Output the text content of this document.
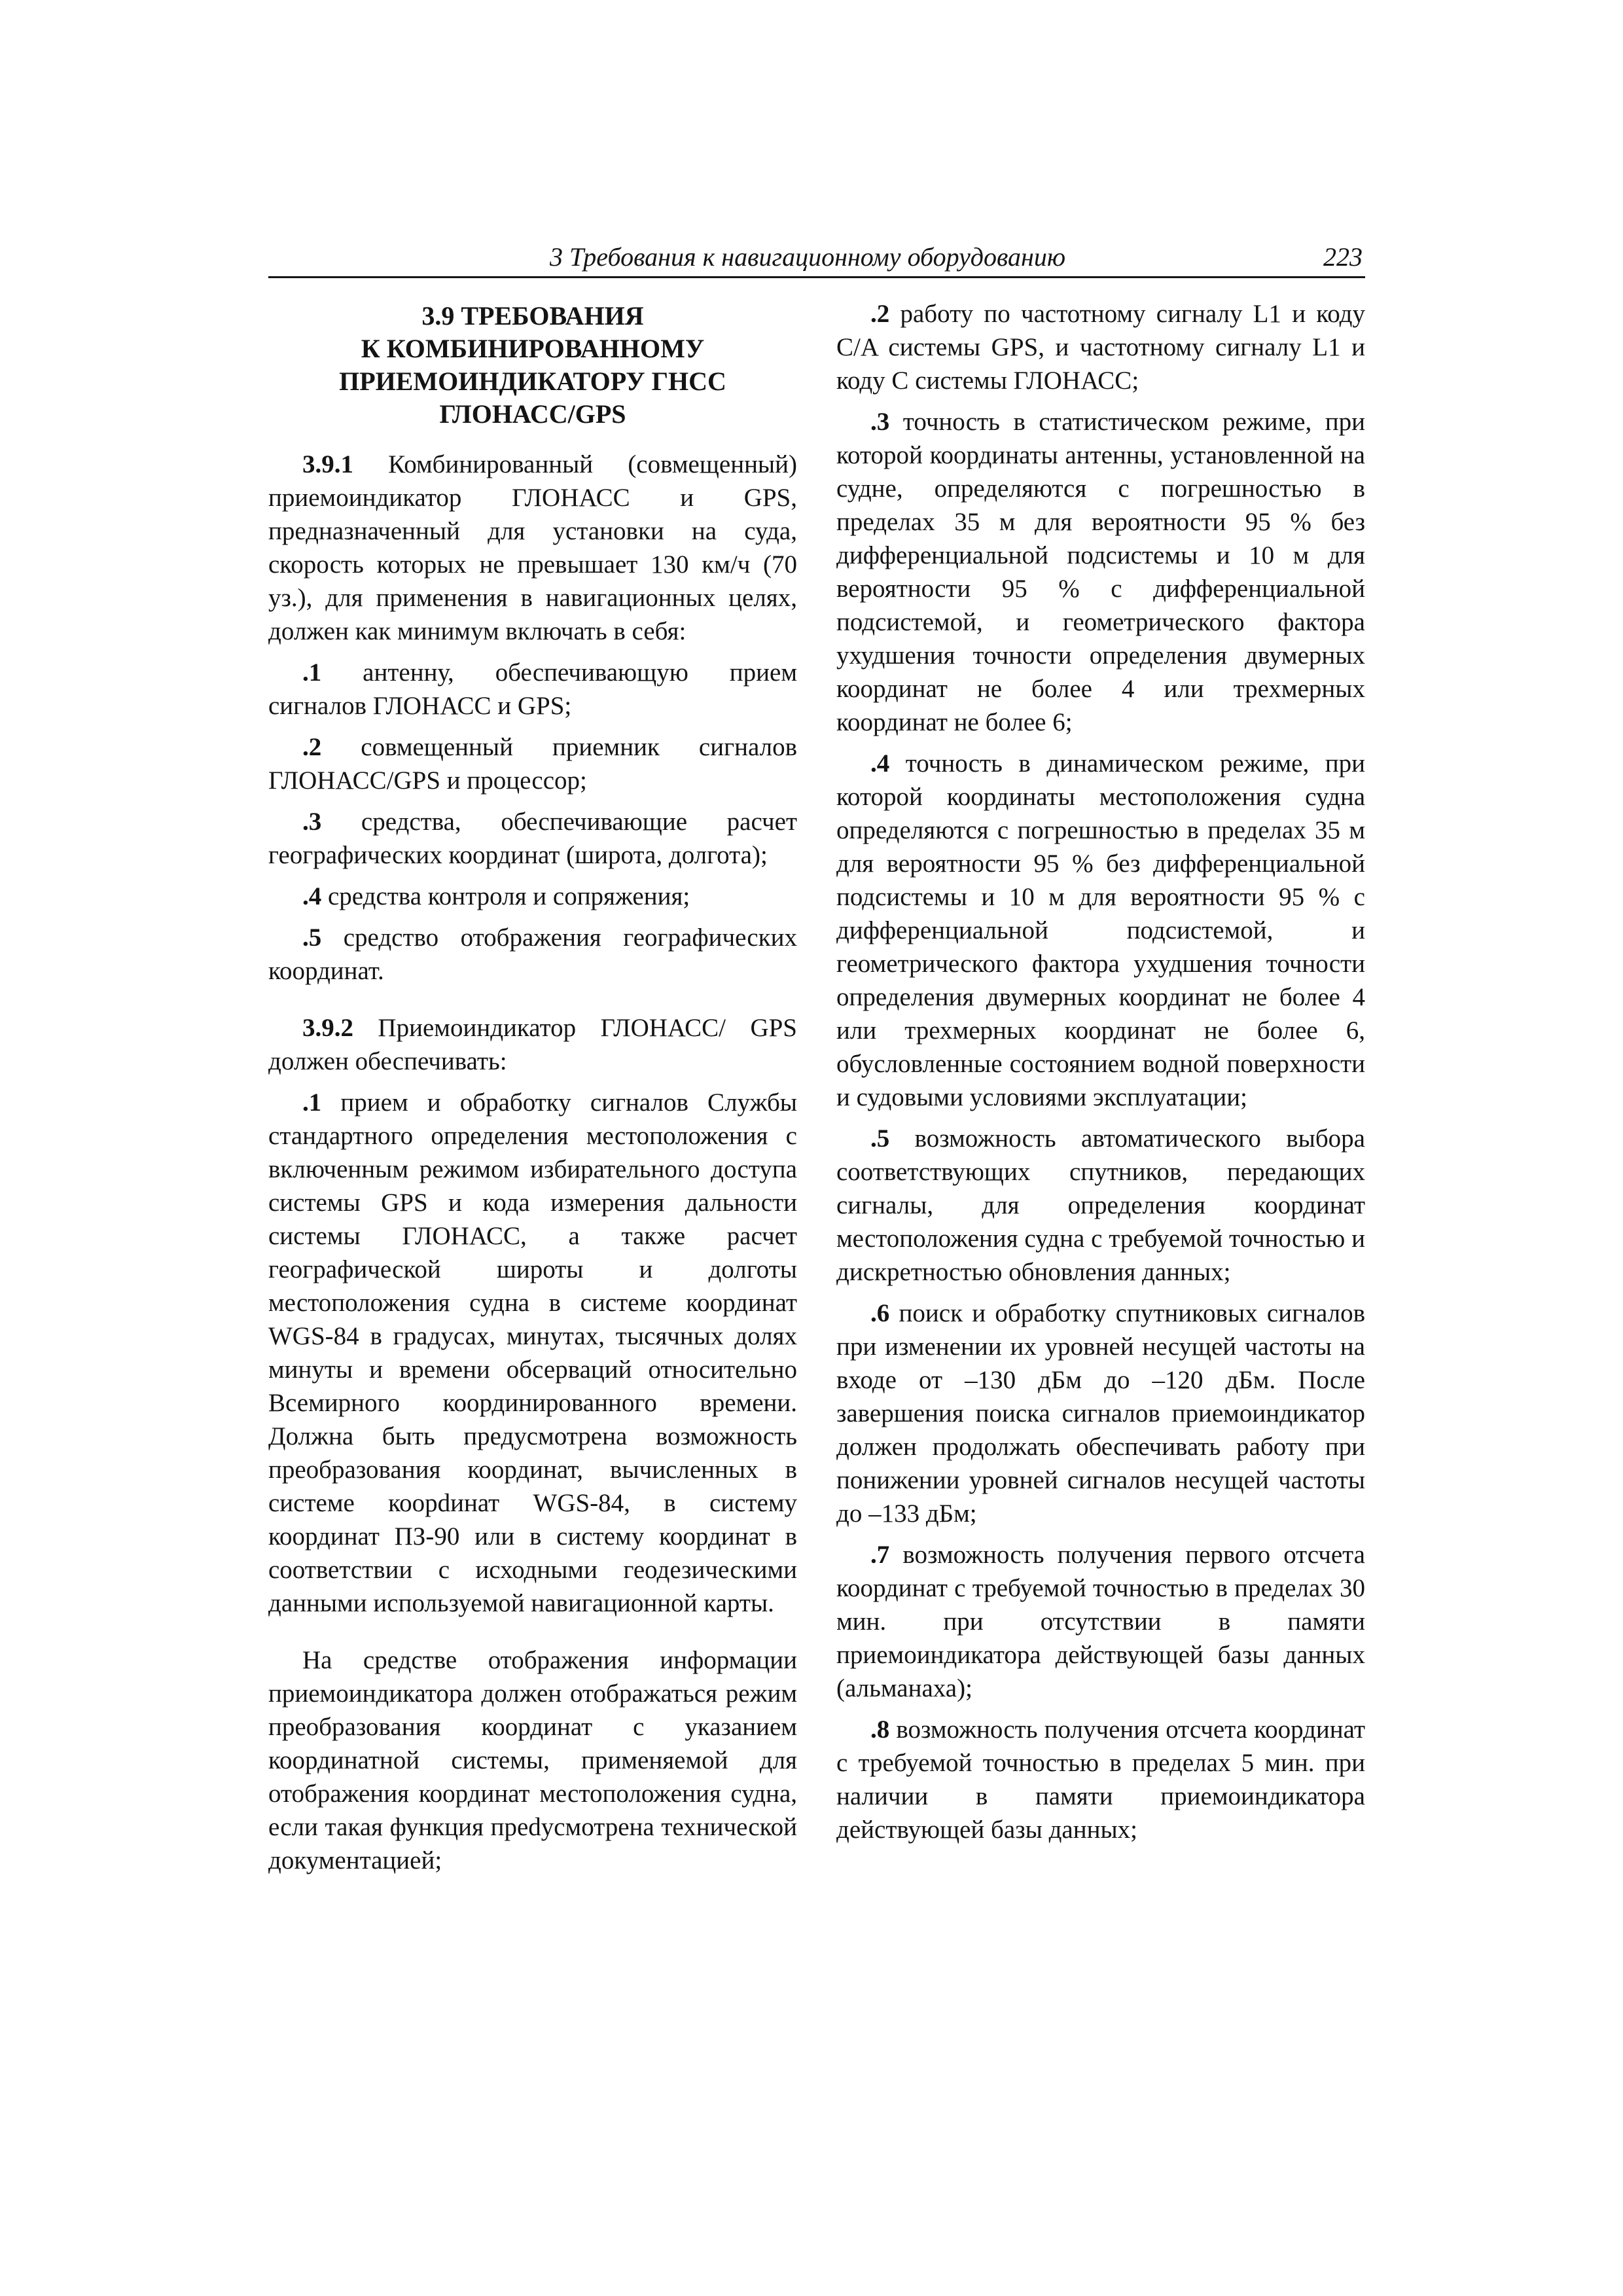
3 Требования к навигационному оборудованию	223
3.9 ТРЕБОВАНИЯ
К КОМБИНИРОВАННОМУ
ПРИЕМОИНДИКАТОРУ ГНСС
ГЛОНАСС/GPS

3.9.1 Комбинированный (совмещенный) приемоиндикатор ГЛОНАСС и GPS, предназначенный для установки на суда, скорость которых не превышает 130 км/ч (70 уз.), для применения в навигационных целях, должен как минимум включать в себя:

.1 антенну, обеспечивающую прием сигналов ГЛОНАСС и GPS;

.2 совмещенный приемник сигналов ГЛОНАСС/GPS и процессор;

.3 средства, обеспечивающие расчет географических координат (широта, долгота);

.4 средства контроля и сопряжения;

.5 средство отображения географических координат.

3.9.2 Приемоиндикатор ГЛОНАСС/ GPS должен обеспечивать:

.1 прием и обработку сигналов Службы стандартного определения местоположения с включенным режимом избирательного доступа системы GPS и кода измерения дальности системы ГЛОНАСС, а также расчет географической широты и долготы местоположения судна в системе координат WGS-84 в градусах, минутах, тысячных долях минуты и времени обсерваций относительно Всемирного координированного времени. Должна быть предусмотрена возможность преобразования координат, вычисленных в системе коорdинат WGS-84, в систему координат ПЗ-90 или в систему координат в соответствии с исходными геодезическими данными используемой навигационной карты.

На средстве отображения информации приемоиндикатора должен отображаться режим преобразования координат с указанием координатной системы, применяемой для отображения координат местоположения судна, если такая функция преdусмотрена технической документацией;

.2 работу по частотному сигналу L1 и коду C/A системы GPS, и частотному сигналу L1 и коду C системы ГЛОНАСС;

.3 точность в статистическом режиме, при которой координаты антенны, установленной на судне, определяются с погрешностью в пределах 35 м для вероятности 95 % без дифференциальной подсистемы и 10 м для вероятности 95 % с дифференциальной подсистемой, и геометрического фактора ухудшения точности определения двумерных координат не более 4 или трехмерных координат не более 6;

.4 точность в динамическом режиме, при которой координаты местоположения судна определяются с погрешностью в пределах 35 м для вероятности 95 % без дифференциальной подсистемы и 10 м для вероятности 95 % с дифференциальной подсистемой, и геометрического фактора ухудшения точности определения двумерных координат не более 4 или трехмерных координат не более 6, обусловленные состоянием водной поверхности и судовыми условиями эксплуатации;

.5 возможность автоматического выбора соответствующих спутников, передающих сигналы, для определения координат местоположения судна с требуемой точностью и дискретностью обновления данных;

.6 поиск и обработку спутниковых сигналов при изменении их уровней несущей частоты на входе от –130 дБм до –120 дБм. После завершения поиска сигналов приемоиндикатор должен продолжать обеспечивать работу при понижении уровней сигналов несущей частоты до –133 дБм;

.7 возможность получения первого отсчета координат с требуемой точностью в пределах 30 мин. при отсутствии в памяти приемоиндикатора действующей базы данных (альманаха);

.8 возможность получения отсчета координат с требуемой точностью в пределах 5 мин. при наличии в памяти приемоиндикатора действующей базы данных;
